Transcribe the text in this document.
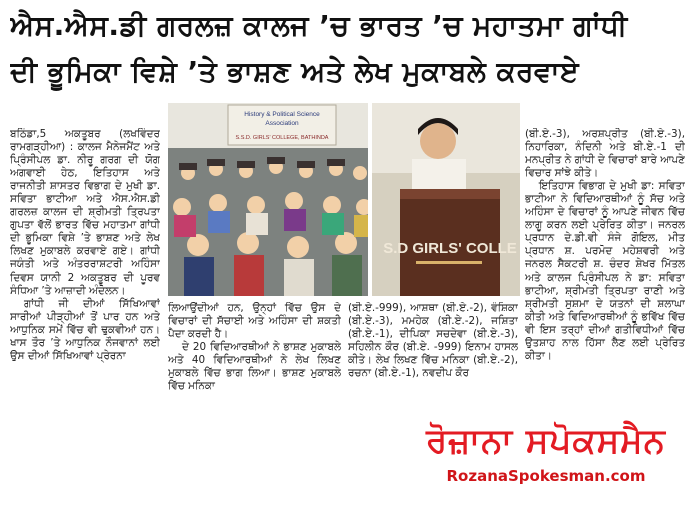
ਐਸ.ਐਸ.ਡੀ ਗਰਲਜ਼ ਕਾਲਜ ’ਚ ਭਾਰਤ ’ਚ ਮਹਾਤਮਾ ਗਾਂਧੀ
ਦੀ ਭੂਮਿਕਾ ਵਿਸ਼ੇ ’ਤੇ ਭਾਸ਼ਣ ਅਤੇ ਲੇਖ ਮੁਕਾਬਲੇ ਕਰਵਾਏ

ਬਠਿੰਡਾ,5 ਅਕਤੂਬਰ (ਲਖਵਿੰਦਰ ਰਾਮਗੜ੍ਹੀਆ) : ਕਾਲਜ ਮੈਨੇਜਮੈਂਟ ਅਤੇ ਪ੍ਰਿੰਸੀਪਲ ਡਾ. ਨੀਰੂ ਗਰਗ ਦੀ ਯੋਗ ਅਗਵਾਈ ਹੇਠ, ਇਤਿਹਾਸ ਅਤੇ ਰਾਜਨੀਤੀ ਸ਼ਾਸਤਰ ਵਿਭਾਗ ਦੇ ਮੁਖੀ ਡਾ. ਸਵਿਤਾ ਭਾਟੀਆ ਅਤੇ ਐਸ.ਐਸ.ਡੀ ਗਰਲਜ਼ ਕਾਲਜ ਦੀ ਸ਼੍ਰੀਮਤੀ ਤ੍ਰਿਪਤਾ ਗੁਪਤਾ ਵੱਲੋਂ ਭਾਰਤ ਵਿੱਚ ਮਹਾਤਮਾ ਗਾਂਧੀ ਦੀ ਭੂਮਿਕਾ ਵਿਸ਼ੇ ’ਤੇ ਭਾਸ਼ਣ ਅਤੇ ਲੇਖ ਲਿਖਣ ਮੁਕਾਬਲੇ ਕਰਵਾਏ ਗਏ। ਗਾਂਧੀ ਜਯੰਤੀ ਅਤੇ ਅੰਤਰਰਾਸ਼ਟਰੀ ਅਹਿੰਸਾ ਦਿਵਸ ਯਾਨੀ 2 ਅਕਤੂਬਰ ਦੀ ਪੂਰਵ ਸੰਧਿਆ ’ਤੇ ਆਜ਼ਾਦੀ ਅੰਦੋਲਨ।

ਗਾਂਧੀ ਜੀ ਦੀਆਂ ਸਿੱਖਿਆਵਾਂ ਸਾਰੀਆਂ ਪੀੜ੍ਹੀਆਂ ਤੋਂ ਪਾਰ ਹਨ ਅਤੇ ਆਧੁਨਿਕ ਸਮੇਂ ਵਿੱਚ ਵੀ ਢੁਕਵੀਆਂ ਹਨ। ਖਾਸ ਤੌਰ ’ਤੇ ਆਧੁਨਿਕ ਨੌਜਵਾਨਾਂ ਲਈ ਉਸ ਦੀਆਂ ਸਿੱਖਿਆਵਾਂ ਪ੍ਰੇਰਨਾ

History & Political Science
Association
S.S.D. GIRLS' COLLEGE, BATHINDA
S.D GIRLS' COLLE

ਲਿਆਉਂਦੀਆਂ ਹਨ, ਉਨ੍ਹਾਂ ਵਿੱਚ ਉਸ ਦੇ ਵਿਚਾਰਾਂ ਦੀ ਸੱਚਾਈ ਅਤੇ ਅਹਿੰਸਾ ਦੀ ਸ਼ਕਤੀ ਪੈਦਾ ਕਰਦੀ ਹੈ।

ਦੇ 20 ਵਿਦਿਆਰਥੀਆਂ ਨੇ ਭਾਸ਼ਣ ਮੁਕਾਬਲੇ ਅਤੇ 40 ਵਿਦਿਆਰਥੀਆਂ ਨੇ ਲੇਖ ਲਿਖਣ ਮੁਕਾਬਲੇ ਵਿੱਚ ਭਾਗ ਲਿਆ। ਭਾਸ਼ਣ ਮੁਕਾਬਲੇ ਵਿੱਚ ਮਨਿਕਾ

(ਬੀ.ਏ.-999), ਆਸ਼ਥਾ (ਬੀ.ਏ.-2), ਵੰਸ਼ਿਕਾ (ਬੀ.ਏ.-3), ਮਮਹੇਕ (ਬੀ.ਏ.-2), ਜਸ਼ਿਤਾ (ਬੀ.ਏ.-1), ਦੀਪਿਕਾ ਸਚਦੇਵਾ (ਬੀ.ਏ.-3), ਸਹਿਲੀਨ ਕੌਰ (ਬੀ.ਏ. -999) ਇਨਾਮ ਹਾਸਲ ਕੀਤੇ। ਲੇਖ ਲਿਖਣ ਵਿੱਚ ਮਨਿਕਾ (ਬੀ.ਏ.-2), ਰਚਨਾ (ਬੀ.ਏ.-1), ਨਵਦੀਪ ਕੌਰ

(ਬੀ.ਏ.-3), ਅਰਸ਼ਪ੍ਰੀਤ (ਬੀ.ਏ.-3), ਨਿਹਾਰਿਕਾ, ਨੰਦਿਨੀ ਅਤੇ ਬੀ.ਏ.-1 ਦੀ ਮਨਪ੍ਰੀਤ ਨੇ ਗਾਂਧੀ ਦੇ ਵਿਚਾਰਾਂ ਬਾਰੇ ਆਪਣੇ ਵਿਚਾਰ ਸਾਂਝੇ ਕੀਤੇ।

ਇਤਿਹਾਸ ਵਿਭਾਗ ਦੇ ਮੁਖੀ ਡਾ: ਸਵਿਤਾ ਭਾਟੀਆ ਨੇ ਵਿਦਿਆਰਥੀਆਂ ਨੂੰ ਸੱਚ ਅਤੇ ਅਹਿੰਸਾ ਦੇ ਵਿਚਾਰਾਂ ਨੂੰ ਆਪਣੇ ਜੀਵਨ ਵਿੱਚ ਲਾਗੂ ਕਰਨ ਲਈ ਪ੍ਰੇਰਿਤ ਕੀਤਾ। ਜਨਰਲ ਪ੍ਰਧਾਨ ਦੇ.ਡੀ.ਵੀ ਸੰਜੇ ਗੋਇਲ, ਮੀਤ ਪ੍ਰਧਾਨ ਸ਼. ਪਰਮੋਦ ਮਹੇਸ਼ਵਰੀ ਅਤੇ ਜਨਰਲ ਸੈਕਟਰੀ ਸ਼. ਚੰਦਰ ਸ਼ੇਖਰ ਮਿੱਤਲ ਅਤੇ ਕਾਲਜ ਪ੍ਰਿੰਸੀਪਲ ਨੇ ਡਾ: ਸਵਿਤਾ ਭਾਟੀਆ, ਸ਼੍ਰੀਮਤੀ ਤ੍ਰਿਪਤਾ ਰਾਣੀ ਅਤੇ ਸ਼੍ਰੀਮਤੀ ਸੁਸ਼ਮਾ ਦੇ ਯਤਨਾਂ ਦੀ ਸ਼ਲਾਘਾ ਕੀਤੀ ਅਤੇ ਵਿਦਿਆਰਥੀਆਂ ਨੂੰ ਭਵਿੱਖ ਵਿੱਚ ਵੀ ਇਸ ਤਰ੍ਹਾਂ ਦੀਆਂ ਗਤੀਵਿਧੀਆਂ ਵਿੱਚ ਉਤਸ਼ਾਹ ਨਾਲ ਹਿੱਸਾ ਲੈਣ ਲਈ ਪ੍ਰੇਰਿਤ ਕੀਤਾ।

ਰੋਜ਼ਾਨਾ ਸਪੋਕਸਮੈਨ
RozanaSpokesman.com
